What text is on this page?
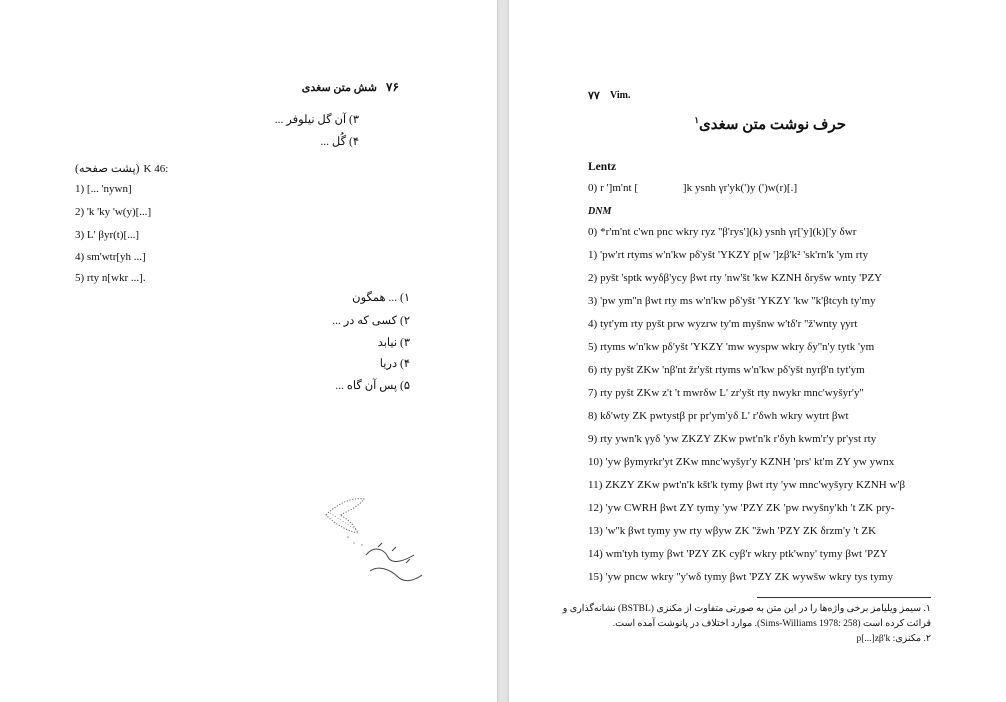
شش متن سغدی ۷۶
۳) آن گل نیلوفر ...
۴) گُل ...
(پشت صفحه) K 46:
1) [... 'nywn]
2) 'k 'ky 'w(y)[...]
3) L' βyr(t)[...]
4) sm'wtr[yh ...]
5) rty n[wkr ...].
۱) ... همگون
۲) کسی که در ...
۳) نیابد
۴) دریا
۵) پس آن گاه ...
۷۷ Vim.
حرف نوشت متن سغدی$^۱$
Lentz
0) r ']m'nt [                ]k ysnh γr'yk(')y (')w(r)[.]
DNM
0) *r'm'nt c'wn pnc wkry ryz ''β'rys'](k) ysnh γr['y](k)['y δwr
1) 'pw'rt rtyms w'n'kw pδ'yšt 'YKZY p[w ']zβ'k² 'sk'rn'k 'ym rty
2) pyšt 'sptk wyδβ'ycy βwt rty 'nw'št 'kw KZNH δryšw wnty 'PZY
3) 'pw ym''n βwt rty ms w'n'kw pδ'yšt 'YKZY 'kw ''k'βtcyh ty'my
4) tyt'ym rty pyšt prw wyzrw ty'm myšnw w'tδ'r ''ž'wnty γyrt
5) rtyms w'n'kw pδ'yšt 'YKZY 'mw wyspw wkry δy''n'y tytk 'ym
6) rty pyšt ZKw 'nβ'nt žr'yšt rtyms w'n'kw pδ'yšt nyrβ'n tyt'ym
7) rty pyšt ZKw z't 't mwrδw L' zr'yšt rty nwykr mnc'wyšyr'y''
8) kδ'wty ZK pwtystβ pr pr'ym'yδ L' r'δwh wkry wytrt βwt
9) rty ywn'k γyδ 'yw ZKZY ZKw pwt'n'k r'δyh kwm'r'y pr'yst rty
10) 'yw βymyrkr'yt ZKw mnc'wyšyr'y KZNH 'prs' kt'm ZY yw ywnx
11) ZKZY ZKw pwt'n'k kšt'k tymy βwt rty 'yw mnc'wyšyry KZNH w'β
12) 'yw CWRH βwt ZY tymy 'yw 'PZY ZK 'pw rwyšny'kh 't ZK pry-
13) 'w''k βwt tymy yw rty wβyw ZK ''žwh 'PZY ZK δrzm'y 't ZK
14) wm'tyh tymy βwt 'PZY ZK cyβ'r wkry ptk'wny' tymy βwt 'PZY
15) 'yw pncw wkry ''y'wδ tymy βwt 'PZY ZK wywšw wkry tys tymy
۱. سیمز ویلیامز برخی واژه‌ها را در این متن به صورتی متفاوت از مکنزی (BSTBL) نشانه‌گذاری و
قرائت کرده است (Sims-Williams 1978: 258). موارد اختلاف در پانوشت آمده است.
۲. مکنزی: p[...]zβ'k
